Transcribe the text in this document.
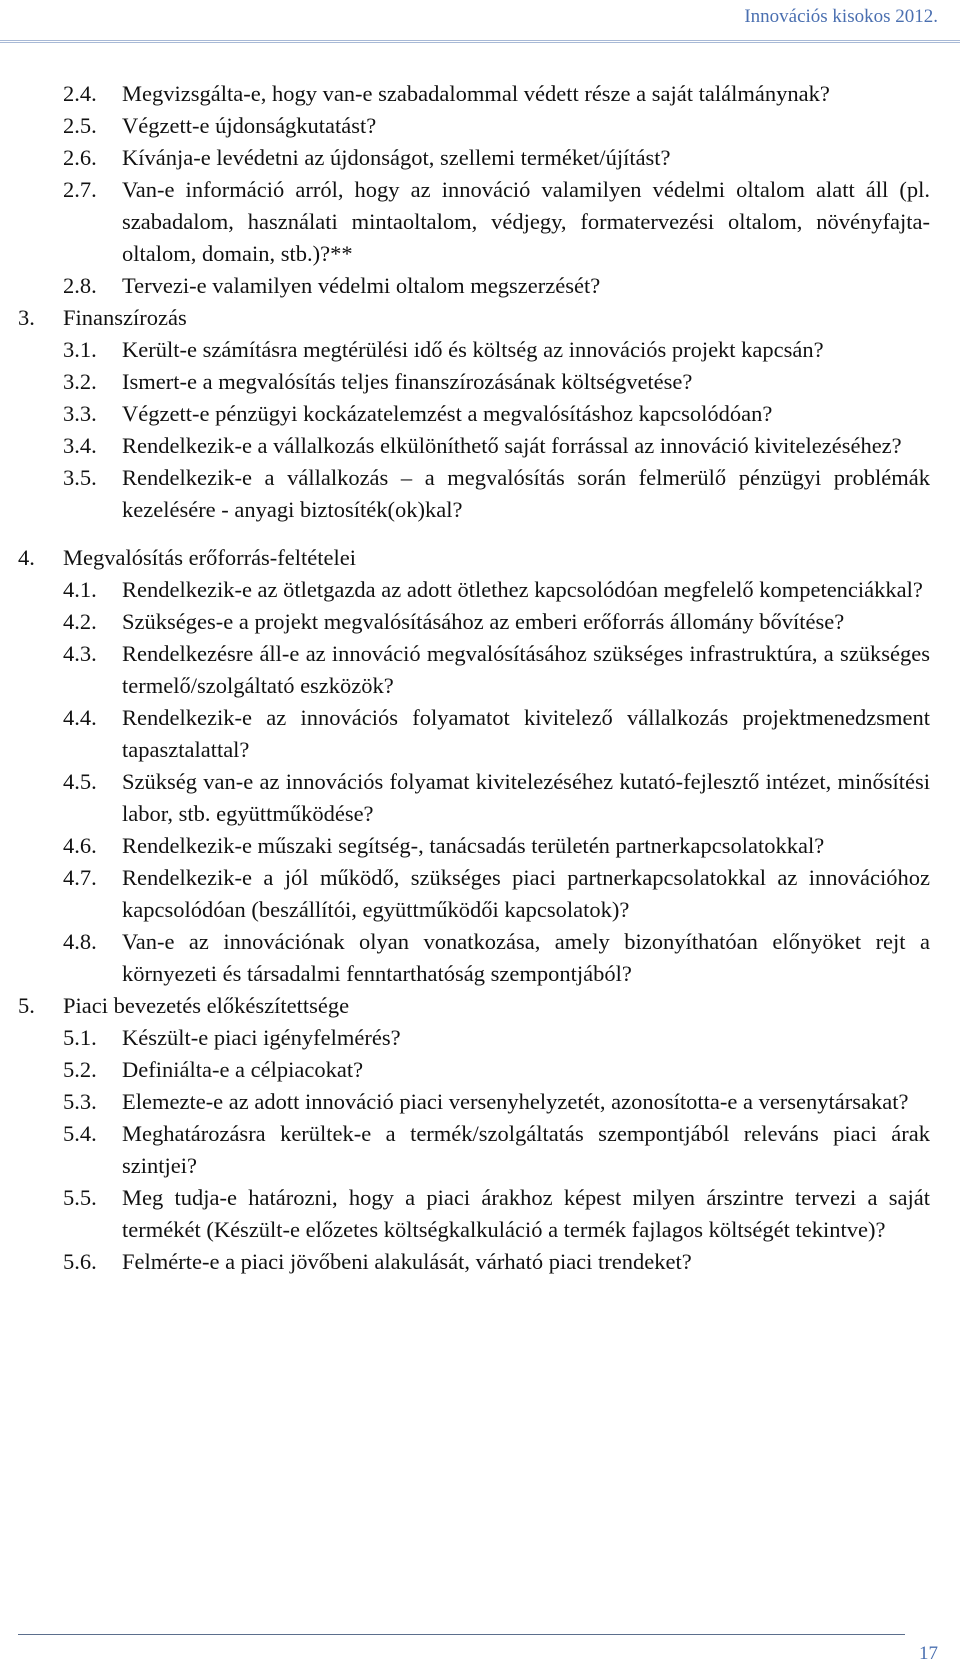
Innovációs kisokos 2012.
2.4.	Megvizsgálta-e, hogy van-e szabadalommal védett része a saját találmánynak?
2.5.	Végzett-e újdonságkutatást?
2.6.	Kívánja-e levédetni az újdonságot, szellemi terméket/újítást?
2.7.	Van-e információ arról, hogy az innováció valamilyen védelmi oltalom alatt áll (pl. szabadalom, használati mintaoltalom, védjegy, formatervezési oltalom, növényfajta-oltalom, domain, stb.)?**
2.8.	Tervezi-e valamilyen védelmi oltalom megszerzését?
3.	Finanszírozás
3.1.	Került-e számításra megtérülési idő és költség az innovációs projekt kapcsán?
3.2.	Ismert-e a megvalósítás teljes finanszírozásának költségvetése?
3.3.	Végzett-e pénzügyi kockázatelemzést a megvalósításhoz kapcsolódóan?
3.4.	Rendelkezik-e a vállalkozás elkülöníthető saját forrással az innováció kivitelezéséhez?
3.5.	Rendelkezik-e a vállalkozás – a megvalósítás során felmerülő pénzügyi problémák kezelésére - anyagi biztosíték(ok)kal?
4.	Megvalósítás erőforrás-feltételei
4.1.	Rendelkezik-e az ötletgazda az adott ötlethez kapcsolódóan megfelelő kompetenciákkal?
4.2.	Szükséges-e a projekt megvalósításához az emberi erőforrás állomány bővítése?
4.3.	Rendelkezésre áll-e az innováció megvalósításához szükséges infrastruktúra, a szükséges termelő/szolgáltató eszközök?
4.4.	Rendelkezik-e az innovációs folyamatot kivitelező vállalkozás projektmenedzsment tapasztalattal?
4.5.	Szükség van-e az innovációs folyamat kivitelezéséhez kutató-fejlesztő intézet, minősítési labor, stb. együttműködése?
4.6.	Rendelkezik-e műszaki segítség-, tanácsadás területén partnerkapcsolatokkal?
4.7.	Rendelkezik-e a jól működő, szükséges piaci partnerkapcsolatokkal az innovációhoz kapcsolódóan (beszállítói, együttműködői kapcsolatok)?
4.8.	Van-e az innovációnak olyan vonatkozása, amely bizonyíthatóan előnyöket rejt a környezeti és társadalmi fenntarthatóság szempontjából?
5.	Piaci bevezetés előkészítettsége
5.1.	Készült-e piaci igényfelmérés?
5.2.	Definiálta-e a célpiacokat?
5.3.	Elemezte-e az adott innováció piaci versenyhelyzetét, azonosította-e a versenytársakat?
5.4.	Meghatározásra kerültek-e a termék/szolgáltatás szempontjából releváns piaci árak szintjei?
5.5.	Meg tudja-e határozni, hogy a piaci árakhoz képest milyen árszintre tervezi a saját termékét (Készült-e előzetes költségkalkuláció a termék fajlagos költségét tekintve)?
5.6.	Felmérte-e a piaci jövőbeni alakulását, várható piaci trendeket?
17
